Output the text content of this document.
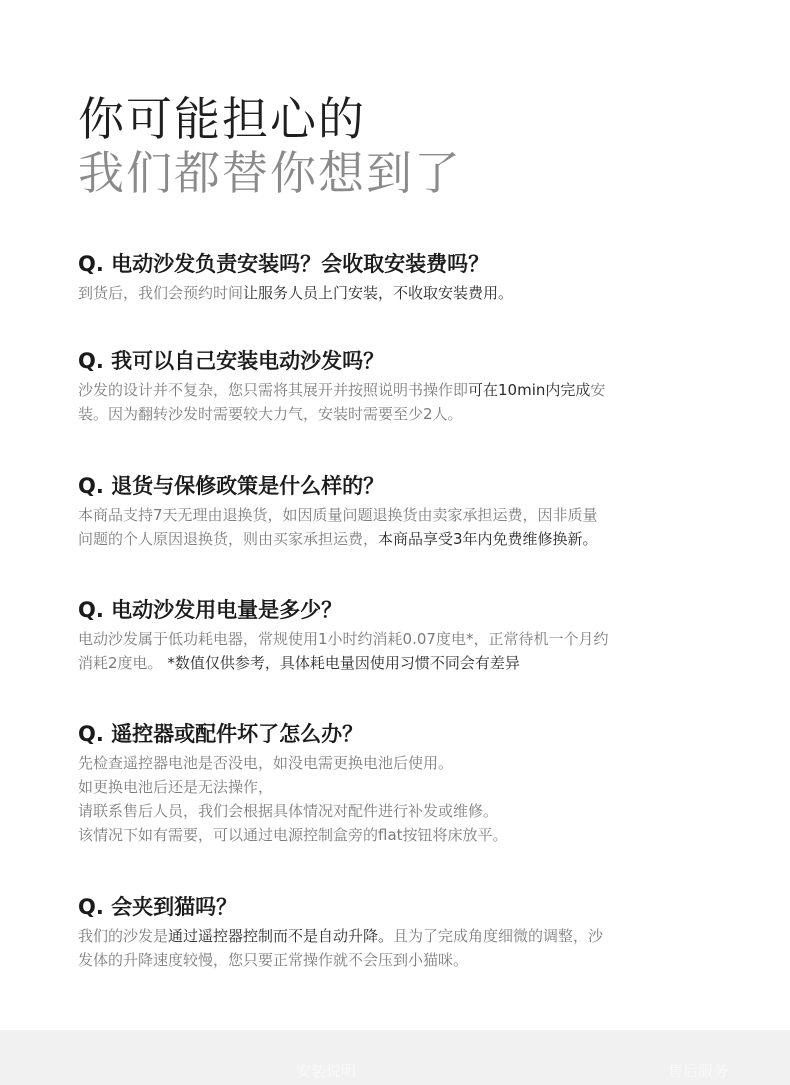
你可能担心的
我们都替你想到了
Q. 电动沙发负责安装吗？会收取安装费吗？
到货后，我们会预约时间让服务人员上门安装，不收取安装费用。
Q. 我可以自己安装电动沙发吗？
沙发的设计并不复杂，您只需将其展开并按照说明书操作即可在10min内完成安
装。因为翻转沙发时需要较大力气，安装时需要至少2人。
Q. 退货与保修政策是什么样的？
本商品支持7天无理由退换货，如因质量问题退换货由卖家承担运费，因非质量
问题的个人原因退换货，则由买家承担运费，本商品享受3年内免费维修换新。
Q. 电动沙发用电量是多少？
电动沙发属于低功耗电器，常规使用1小时约消耗0.07度电*，正常待机一个月约
消耗2度电。 *数值仅供参考，具体耗电量因使用习惯不同会有差异
Q. 遥控器或配件坏了怎么办？
先检查遥控器电池是否没电，如没电需更换电池后使用。
如更换电池后还是无法操作，
请联系售后人员，我们会根据具体情况对配件进行补发或维修。
该情况下如有需要，可以通过电源控制盒旁的flat按钮将床放平。
Q. 会夹到猫吗？
我们的沙发是通过遥控器控制而不是自动升降。且为了完成角度细微的调整，沙
发体的升降速度较慢，您只要正常操作就不会压到小猫咪。
安装说明	售后服务
